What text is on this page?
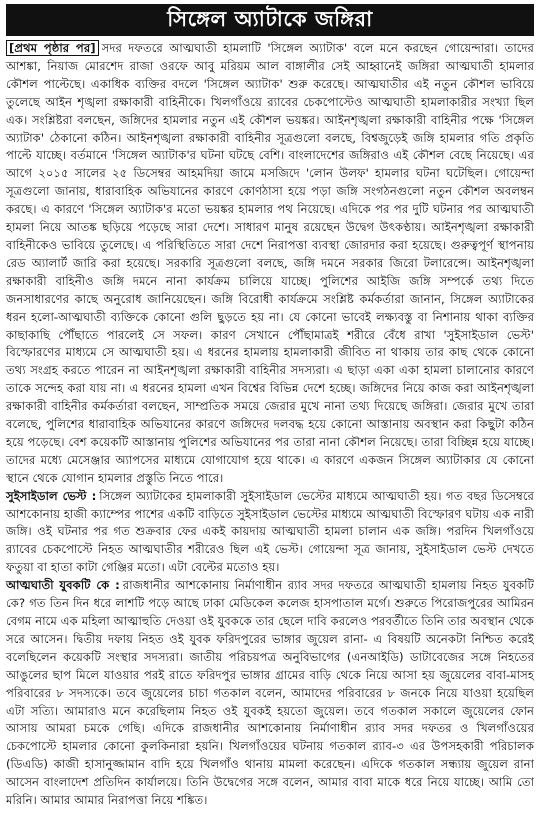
সিঙ্গেল অ্যাটাকে জঙ্গিরা

[প্রথম পৃষ্ঠার পর] সদর দফতরে আত্মঘাতী হামলাটি 'সিঙ্গেল অ্যাটাক' বলে মনে করছেন গোয়েন্দারা। তাদের আশঙ্কা, নিয়াজ মোরশেদ রাজা ওরফে আবু মরিয়ম আল বাঙ্গালীর সেই আহ্বানেই জঙ্গিরা আত্মঘাতী হামলার কৌশল পাল্টেছে। একাধিক ব্যক্তির বদলে 'সিঙ্গেল অ্যাটাক' শুরু করেছে। আত্মঘাতীর এই নতুন কৌশল ভাবিয়ে তুলেছে আইন শৃঙ্খলা রক্ষাকারী বাহিনীকে। খিলগাঁওয়ে র‌্যাবের চেকপোস্টেও আত্মঘাতী হামলাকারীর সংখ্যা ছিল এক। সংশ্লিষ্টরা বলছেন, জঙ্গিদের হামলার নতুন এই কৌশল ভয়ঙ্কর। আইনশৃঙ্খলা রক্ষাকারী বাহিনীর পক্ষে 'সিঙ্গেল অ্যাটাক' ঠেকানো কঠিন। আইনশৃঙ্খলা রক্ষাকারী বাহিনীর সূত্রগুলো বলছে, বিশ্বজুড়েই জঙ্গি হামলার গতি প্রকৃতি পাল্টে যাচ্ছে। বর্তমানে 'সিঙ্গেল অ্যাটাক'র ঘটনা ঘটছে বেশি। বাংলাদেশের জঙ্গিরাও এই কৌশল বেছে নিয়েছে। এর আগে ২০১৫ সালের ২৫ ডিসেম্বর আহমদিয়া জামে মসজিদে 'লোন উলফ' হামলার ঘটনা ঘটেছিল। গোয়েন্দা সূত্রগুলো জানায়, ধারাবাহিক অভিযানের কারণে কোণঠাসা হয়ে পড়া জঙ্গি সংগঠনগুলো নতুন কৌশল অবলম্বন করছে। এ কারণে 'সিঙ্গেল অ্যাটাক'র মতো ভয়ঙ্কর হামলার পথ নিয়েছে। এদিকে পর পর দুটি ঘটনার পর আত্মঘাতী হামলা নিয়ে আতঙ্ক ছড়িয়ে পড়েছে সারা দেশে। সাধারণ মানুষ রয়েছেন উদ্বেগ উৎকণ্ঠায়। আইনশৃঙ্খলা রক্ষাকারী বাহিনীকেও ভাবিয়ে তুলেছে। এ পরিস্থিতিতে সারা দেশে নিরাপত্তা ব্যবস্থা জোরদার করা হয়েছে। গুরুত্বপূর্ণ স্থাপনায় রেড অ্যালার্ট জারি করা হয়েছে। সরকারি সূত্রগুলো বলছে, জঙ্গি দমনে সরকার জিরো টলারেন্সে। আইনশৃঙ্খলা রক্ষাকারী বাহিনীও জঙ্গি দমনে নানা কার্যক্রম চালিয়ে যাচ্ছে। পুলিশের আইজি জঙ্গি সম্পর্কে তথ্য দিতে জনসাধারণের কাছে অনুরোধ জানিয়েছেন। জঙ্গি বিরোধী কার্যক্রমে সংশ্লিষ্ট কর্মকর্তারা জানান, সিঙ্গেল অ্যাটাকের ধরন হলো-আত্মঘাতী ব্যক্তিকে কোনো গুলি ছুড়তে হয় না। যে কোনো ভাবেই লক্ষ্যবস্তু বা নিশানায় থাকা ব্যক্তির কাছাকাছি পৌঁছাতে পারলেই সে সফল। কারণ সেখানে পৌঁছামাত্রই শরীরে বেঁধে রাখা 'সুইসাইডাল ভেস্ট' বিস্ফোরণের মাধ্যমে সে আত্মঘাতী হয়। এ ধরনের হামলায় হামলাকারী জীবিত না থাকায় তার কাছ থেকে কোনো তথ্য সংগ্রহ করতে পারেন না আইনশৃঙ্খলা রক্ষাকারী বাহিনীর সদস্যরা। এ ছাড়া একা একা হামলা চালানোর কারণে তাকে সন্দেহ করা যায় না। এ ধরনের হামলা এখন বিশ্বের বিভিন্ন দেশে হচ্ছে। জঙ্গিদের নিয়ে কাজ করা আইনশৃঙ্খলা রক্ষাকারী বাহিনীর কর্মকর্তারা বলছেন, সাম্প্রতিক সময়ে জেরার মুখে নানা তথ্য দিয়েছে জঙ্গিরা। জেরার মুখে তারা বলেছে, পুলিশের ধারাবাহিক অভিযানের কারণে জঙ্গিদের দলবদ্ধ হয়ে কোনো আস্তানায় অবস্থান করা কিছুটা কঠিন হয়ে পড়েছে। বেশ কয়েকটি আস্তানায় পুলিশের অভিযানের পর তারা নানা কৌশল নিয়েছে। তারা বিচ্ছিন্ন হয়ে যাচ্ছে। তাদের মধ্যে মেসেঞ্জার অ্যাপসের মাধ্যমে যোগাযোগ হয়ে থাকে। এ কারণে একজন সিঙ্গেল অ্যাটাকার যে কোনো স্থানে থেকে যোগান হামলার প্রস্তুতি নিতে পারে।

সুইসাইডাল ভেস্ট : সিঙ্গেল অ্যাটাকের হামলাকারী সুইসাইডাল ভেস্টের মাধ্যমে আত্মঘাতী হয়। গত বছর ডিসেম্বরে আশকোনায় হাজী ক্যাম্পের পাশের একটি বাড়িতে সুইসাইডাল ভেস্টের মাধ্যমে আত্মঘাতী বিস্ফোরণ ঘটায় এক নারী জঙ্গি। ওই ঘটনার পর গত শুক্রবার ফের একই কায়দায় আত্মঘাতী হামলা চালান এক জঙ্গি। পরদিন খিলগাঁওয়ে র‌্যাবের চেকপোস্টে নিহত আত্মঘাতীর শরীরেও ছিল এই ভেস্ট। গোয়েন্দা সূত্র জানায়, সুইসাইডাল ভেস্ট দেখতে ফতুয়া বা হাতা কাটা গেঞ্জির মতো। এটা বেল্টের মতোও হয়।

আত্মঘাতী যুবকটি কে : রাজধানীর আশকোনায় নির্মাণাধীন র‌্যাব সদর দফতরে আত্মঘাতী হামলায় নিহত যুবকটি কে? গত তিন দিন ধরে লাশটি পড়ে আছে ঢাকা মেডিকেল কলেজ হাসপাতাল মর্গে। শুরুতে পিরোজপুরের আমিরন বেগম নামে এক মহিলা আত্মাহুতি দেওয়া ওই যুবককে তার ছেলে দাবি করলেও পরবর্তীতে তিনি তার অবস্থান থেকে সরে আসেন। দ্বিতীয় দফায় নিহত ওই যুবক ফরিদপুরের ভাঙ্গার জুয়েল রানা- এ বিষয়টি অনেকটা নিশ্চিত করেই বলেছিলেন কয়েকটি সংস্থার সদস্যরা। জাতীয় পরিচয়পত্র অনুবিভাগের (এনআইডি) ডাটাবেজের সঙ্গে নিহতের আঙুলের ছাপ মিলে যাওয়ার পরই রাতে ফরিদপুর ভাঙ্গার গ্রামের বাড়ি থেকে নিয়ে আসা হয় জুয়েলের বাবা-মাসহ পরিবারের ৮ সদস্যকে। তবে জুয়েলের চাচা গতকাল বলেন, আমাদের পরিবারের ৮ জনকে নিয়ে যাওয়া হয়েছিল এটা সত্যি। আমারাও মনে করেছিলাম নিহত ওই যুবকই হয়তো জুয়েল। তবে গতকাল সকালে জুয়েলের ফোন আসায় আমরা চমকে গেছি। এদিকে রাজধানীর আশকোনায় নির্মাণাধীন র‌্যাব সদর দফতর ও খিলগাঁওয়ের চেকপোস্টে হামলার কোনো কুলকিনারা হয়নি। খিলগাঁওয়ের ঘটনায় গতকাল র‌্যাব-৩ এর উপসহকারী পরিচালক (ডিএডি) কাজী হাসানুজ্জামান বাদি হয়ে খিলগাঁও থানায় মামলা করেছেন। এদিকে গতকাল সন্ধ্যায় জুয়েল রানা আসেন বাংলাদেশ প্রতিদিন কার্যালয়ে। তিনি উদ্বেগের সঙ্গে বলেন, আমার বাবা মাকে ধরে নিয়ে যাচ্ছে। আমি তো মরিনি। আমার আমার নিরাপত্তা নিয়ে শঙ্কিত।
